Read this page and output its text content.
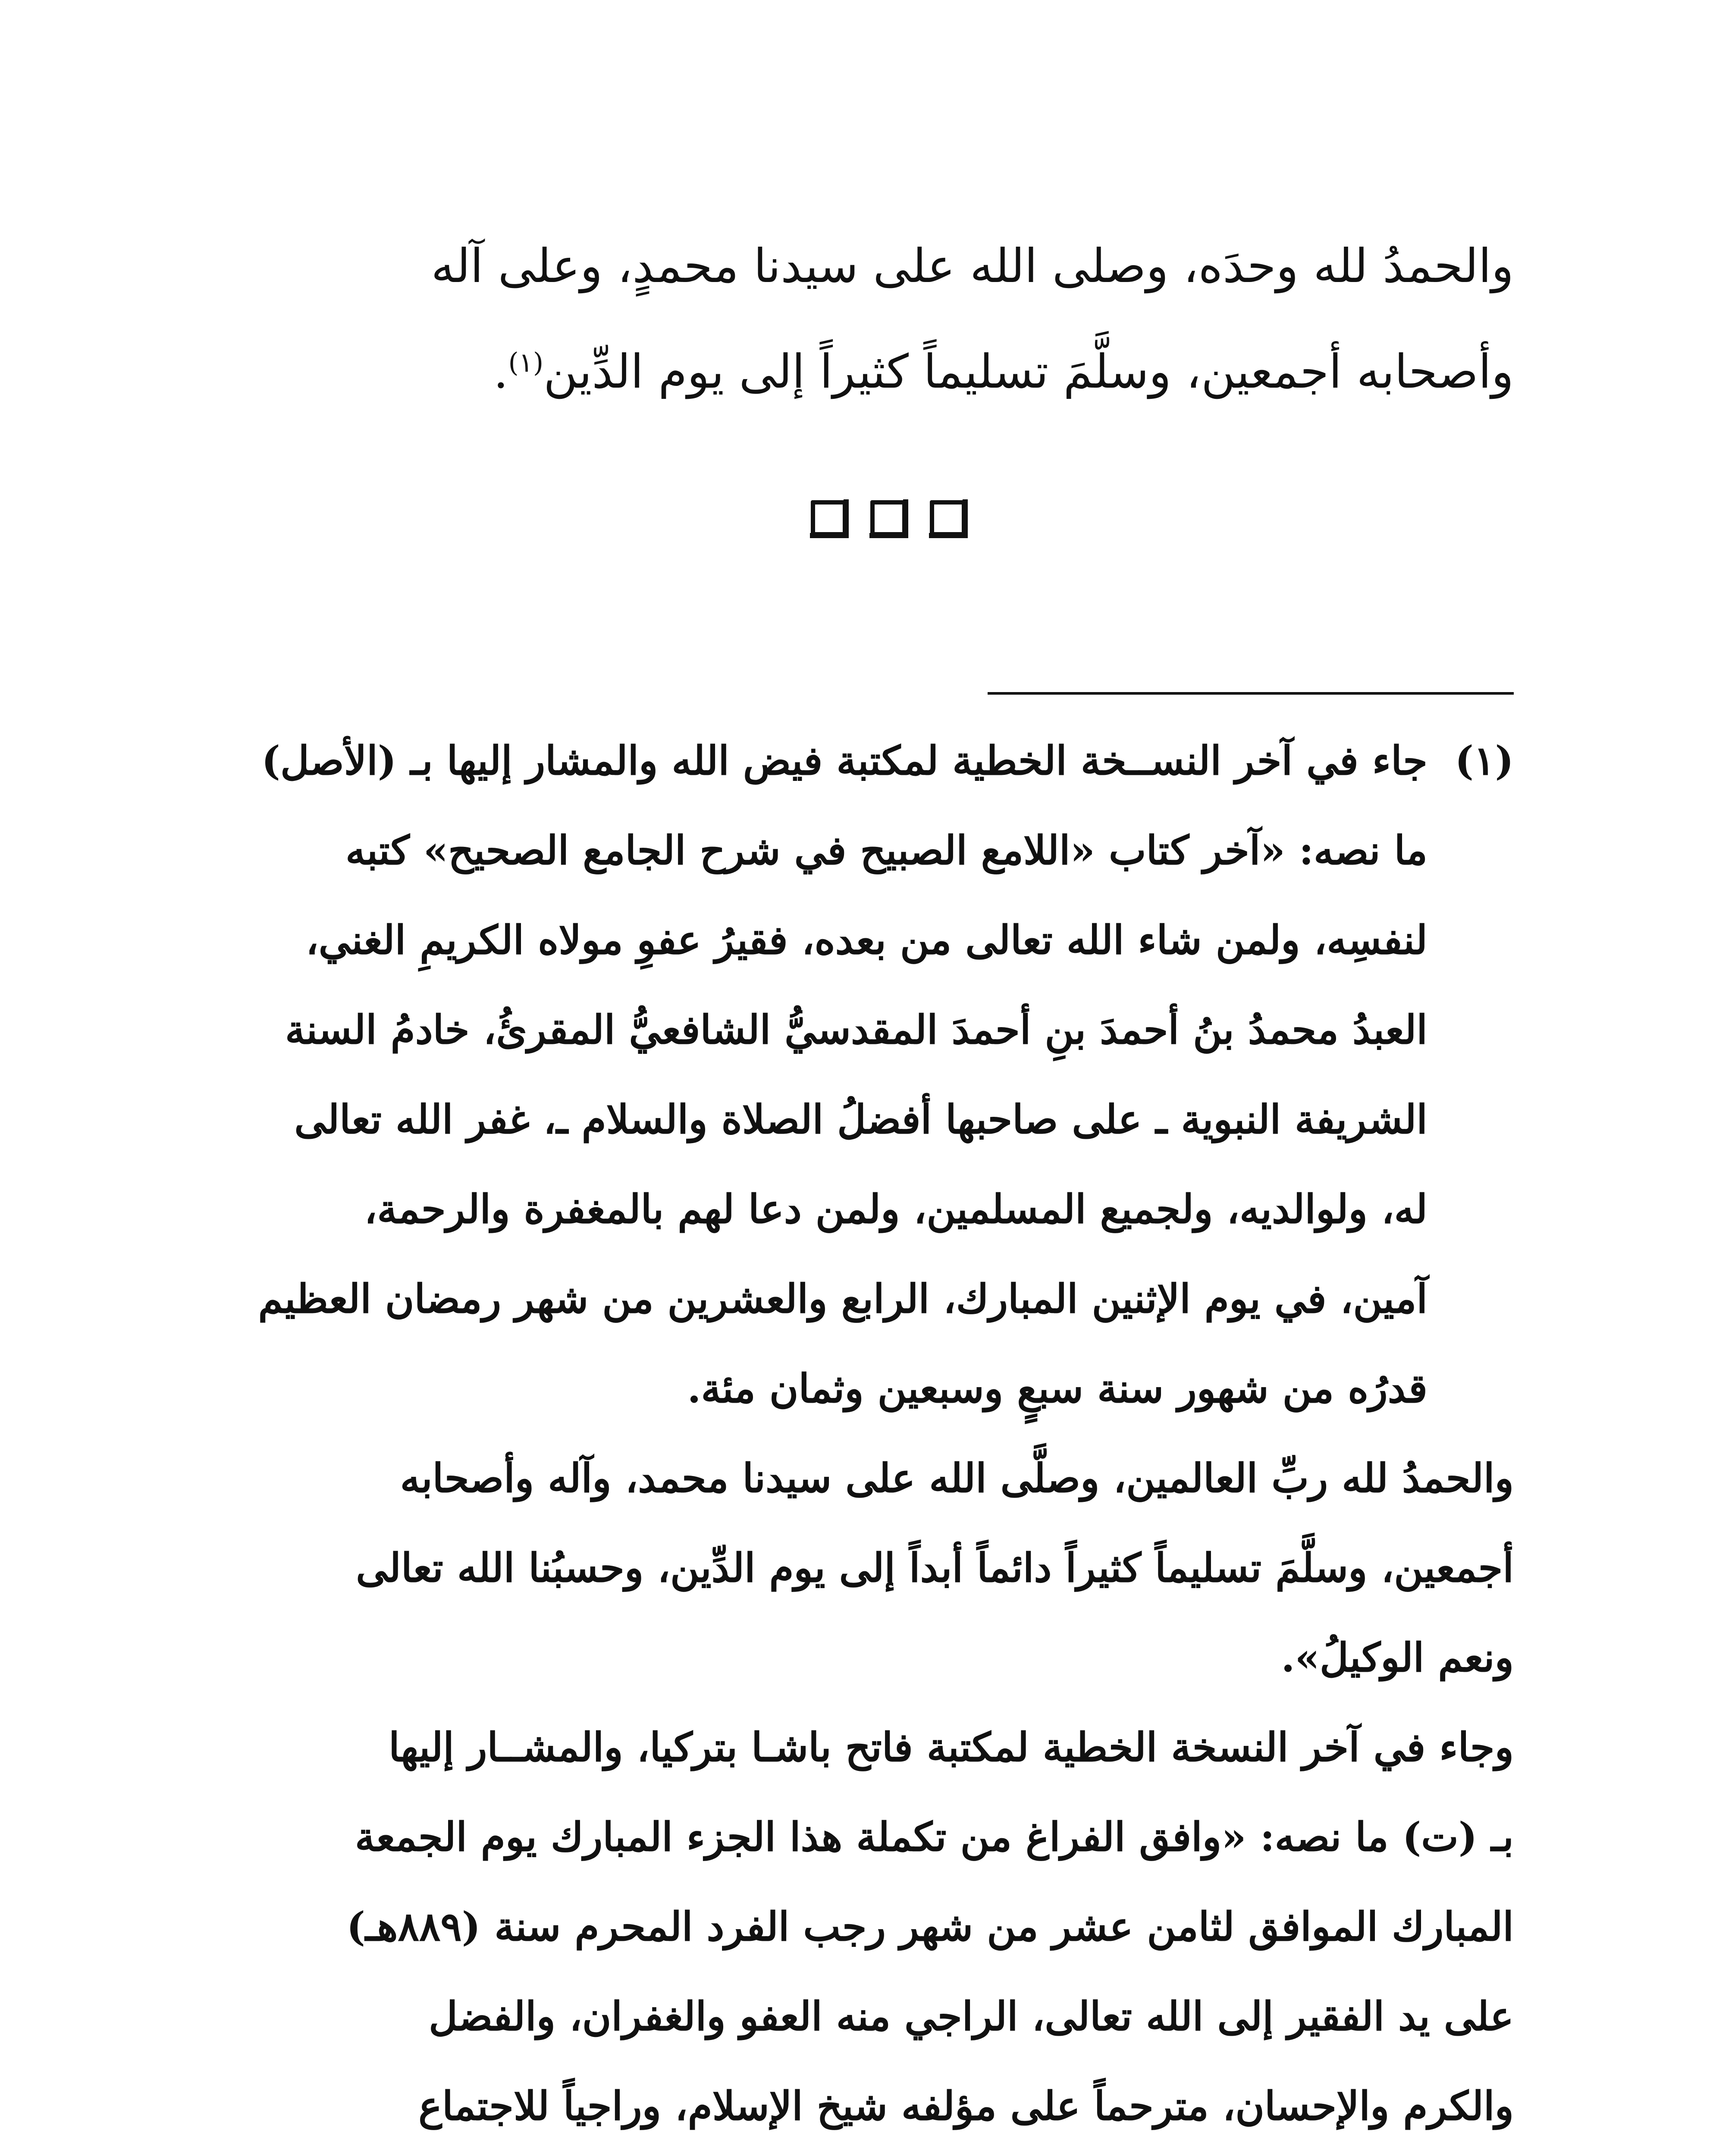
والحمدُ لله وحدَه، وصلى الله على سيدنا محمدٍ، وعلى آله
وأصحابه أجمعين، وسلَّمَ تسليماً كثيراً إلى يوم الدِّين$^{(١)}$.
(١)
جاء في آخر النســخة الخطية لمكتبة فيض الله والمشار إليها بـ (الأصل)
ما نصه: «آخر كتاب «اللامع الصبيح في شرح الجامع الصحيح» كتبه
لنفسِه، ولمن شاء الله تعالى من بعده، فقيرُ عفوِ مولاه الكريمِ الغني،
العبدُ محمدُ بنُ أحمدَ بنِ أحمدَ المقدسيُّ الشافعيُّ المقرئُ، خادمُ السنة
الشريفة النبوية ـ على صاحبها أفضلُ الصلاة والسلام ـ، غفر الله تعالى
له، ولوالديه، ولجميع المسلمين، ولمن دعا لهم بالمغفرة والرحمة،
آمين، في يوم الإثنين المبارك، الرابع والعشرين من شهر رمضان العظيم
قدرُه من شهور سنة سبعٍ وسبعين وثمان مئة.
والحمدُ لله ربِّ العالمين، وصلَّى الله على سيدنا محمد، وآله وأصحابه
أجمعين، وسلَّمَ تسليماً كثيراً دائماً أبداً إلى يوم الدِّين، وحسبُنا الله تعالى
ونعم الوكيلُ».
وجاء في آخر النسخة الخطية لمكتبة فاتح باشـا بتركيا، والمشــار إليها
بـ (ت) ما نصه: «وافق الفراغ من تكملة هذا الجزء المبارك يوم الجمعة
المبارك الموافق لثامن عشر من شهر رجب الفرد المحرم سنة (٨٨٩هـ)
على يد الفقير إلى الله تعالى، الراجي منه العفو والغفران، والفضل
والكرم والإحسان، مترحماً على مؤلفه شيخ الإسلام، وراجياً للاجتماع
